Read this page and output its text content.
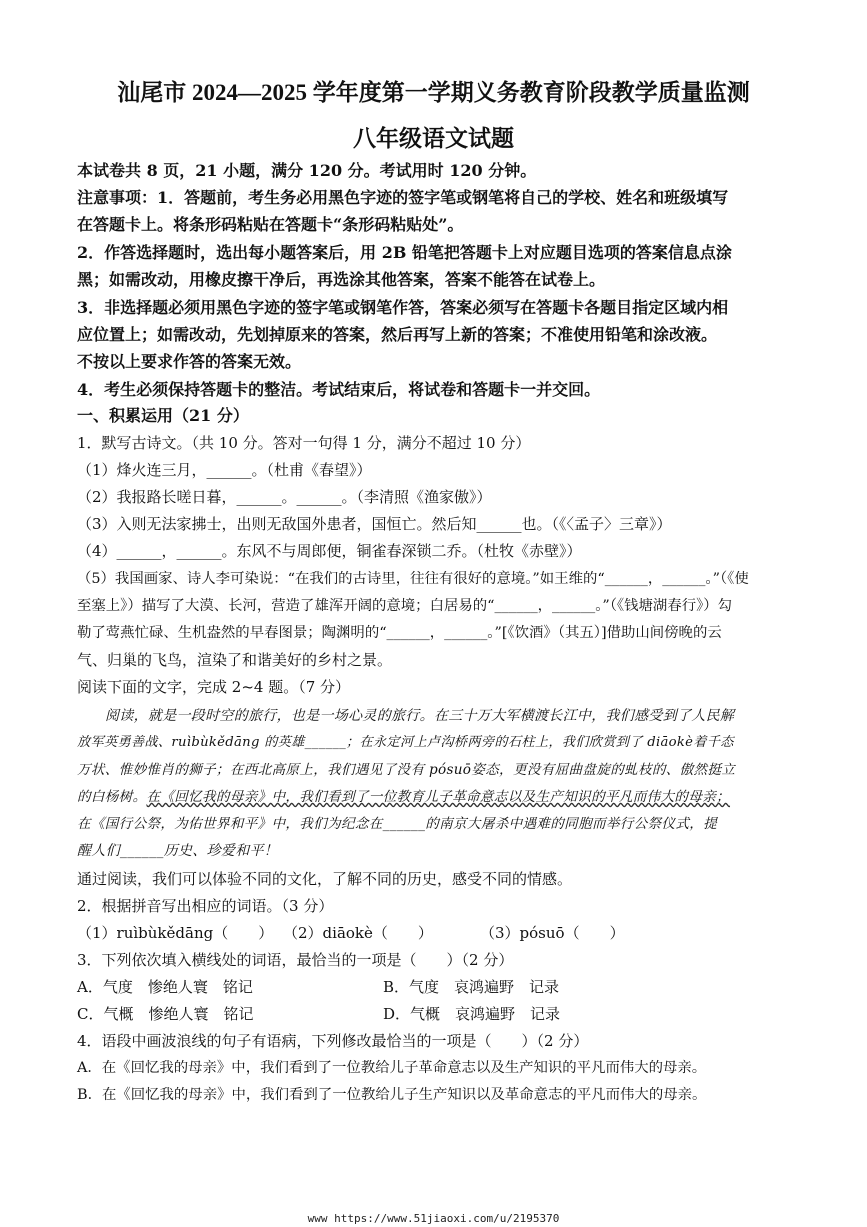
汕尾市 2024—2025 学年度第一学期义务教育阶段教学质量监测
八年级语文试题
本试卷共 8 页，21 小题，满分 120 分。考试用时 120 分钟。
注意事项：1．答题前，考生务必用黑色字迹的签字笔或钢笔将自己的学校、姓名和班级填写
在答题卡上。将条形码粘贴在答题卡“条形码粘贴处”。
2．作答选择题时，选出每小题答案后，用 2B 铅笔把答题卡上对应题目选项的答案信息点涂
黑；如需改动，用橡皮擦干净后，再选涂其他答案，答案不能答在试卷上。
3．非选择题必须用黑色字迹的签字笔或钢笔作答，答案必须写在答题卡各题目指定区域内相
应位置上；如需改动，先划掉原来的答案，然后再写上新的答案；不准使用铅笔和涂改液。
不按以上要求作答的答案无效。
4．考生必须保持答题卡的整洁。考试结束后，将试卷和答题卡一并交回。
一、积累运用（21 分）
1．默写古诗文。（共 10 分。答对一句得 1 分，满分不超过 10 分）
（1）烽火连三月，______。（杜甫《春望》）
（2）我报路长嗟日暮，______。______。（李清照《渔家傲》）
（3）入则无法家拂士，出则无敌国外患者，国恒亡。然后知______也。（《〈孟子〉三章》）
（4）______，______。东风不与周郎便，铜雀春深锁二乔。（杜牧《赤壁》）
（5）我国画家、诗人李可染说：“在我们的古诗里，往往有很好的意境。”如王维的“______，______。”（《使
至塞上》）描写了大漠、长河，营造了雄浑开阔的意境；白居易的“______，______。”（《钱塘湖春行》）勾
勒了莺燕忙碌、生机盎然的早春图景；陶渊明的“______，______。”[《饮酒》（其五）]借助山间傍晚的云
气、归巢的飞鸟，渲染了和谐美好的乡村之景。
阅读下面的文字，完成 2~4 题。（7 分）
阅读，就是一段时空的旅行，也是一场心灵的旅行。在三十万大军横渡长江中，我们感受到了人民解
放军英勇善战、ruìbùkědāng 的英雄______；在永定河上卢沟桥两旁的石柱上，我们欣赏到了 diāokè着千态
万状、惟妙惟肖的狮子；在西北高原上，我们遇见了没有 pósuō姿态，更没有屈曲盘旋的虬枝的、傲然挺立
的白杨树。在《回忆我的母亲》中，我们看到了一位教育儿子革命意志以及生产知识的平凡而伟大的母亲；
在《国行公祭，为佑世界和平》中，我们为纪念在______的南京大屠杀中遇难的同胞而举行公祭仪式，提
醒人们______历史、珍爱和平！
通过阅读，我们可以体验不同的文化，了解不同的历史，感受不同的情感。
2．根据拼音写出相应的词语。（3 分）
（1）ruìbùkědāng（　　） （2）diāokè（　　）	（3）pósuō（　　）
3．下列依次填入横线处的词语，最恰当的一项是（　　）（2 分）
A．气度　惨绝人寰　铭记	B．气度　哀鸿遍野　记录
C．气概　惨绝人寰　铭记	D．气概　哀鸿遍野　记录
4．语段中画波浪线的句子有语病，下列修改最恰当的一项是（　　）（2 分）
A．在《回忆我的母亲》中，我们看到了一位教给儿子革命意志以及生产知识的平凡而伟大的母亲。
B．在《回忆我的母亲》中，我们看到了一位教给儿子生产知识以及革命意志的平凡而伟大的母亲。
www https://www.51jiaoxi.com/u/2195370
